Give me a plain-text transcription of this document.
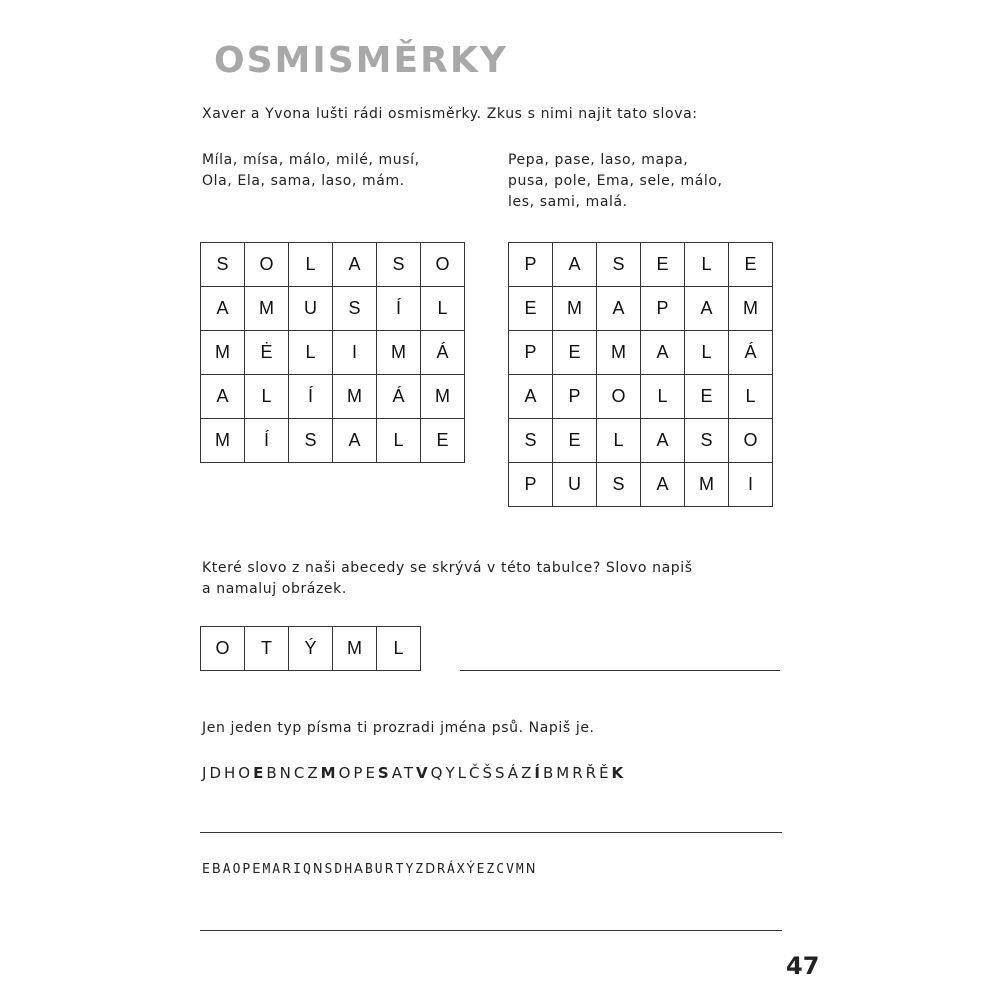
OSMISMĚRKY
Xaver a Yvona lušti rádi osmisměrky. Zkus s nimi najit tato slova:
Míla, mísa, málo, milé, musí,
Ola, Ela, sama, laso, mám.
Pepa, pase, laso, mapa,
pusa, pole, Ema, sele, málo,
les, sami, malá.
S	O	L	A	S	O
A	M	U	S	Í	L
M	Ė	L	I	M	Á
A	L	Í	M	Á	M
M	Í	S	A	L	E
P	A	S	E	L	E
E	M	A	P	A	M
P	E	M	A	L	Á
A	P	O	L	E	L
S	E	L	A	S	O
P	U	S	A	M	I
Které slovo z naši abecedy se skrývá v této tabulce? Slovo napiš
a namaluj obrázek.
O	T	Ý	M	L
Jen jeden typ písma ti prozradi jména psů. Napiš je.
JDHOEBNCZMOPESATVQYLČŠSÁZÍBMRŘĚK
EBAOPEMARIQNSDHABURTYZDRÁXÝEZCVMN
47
